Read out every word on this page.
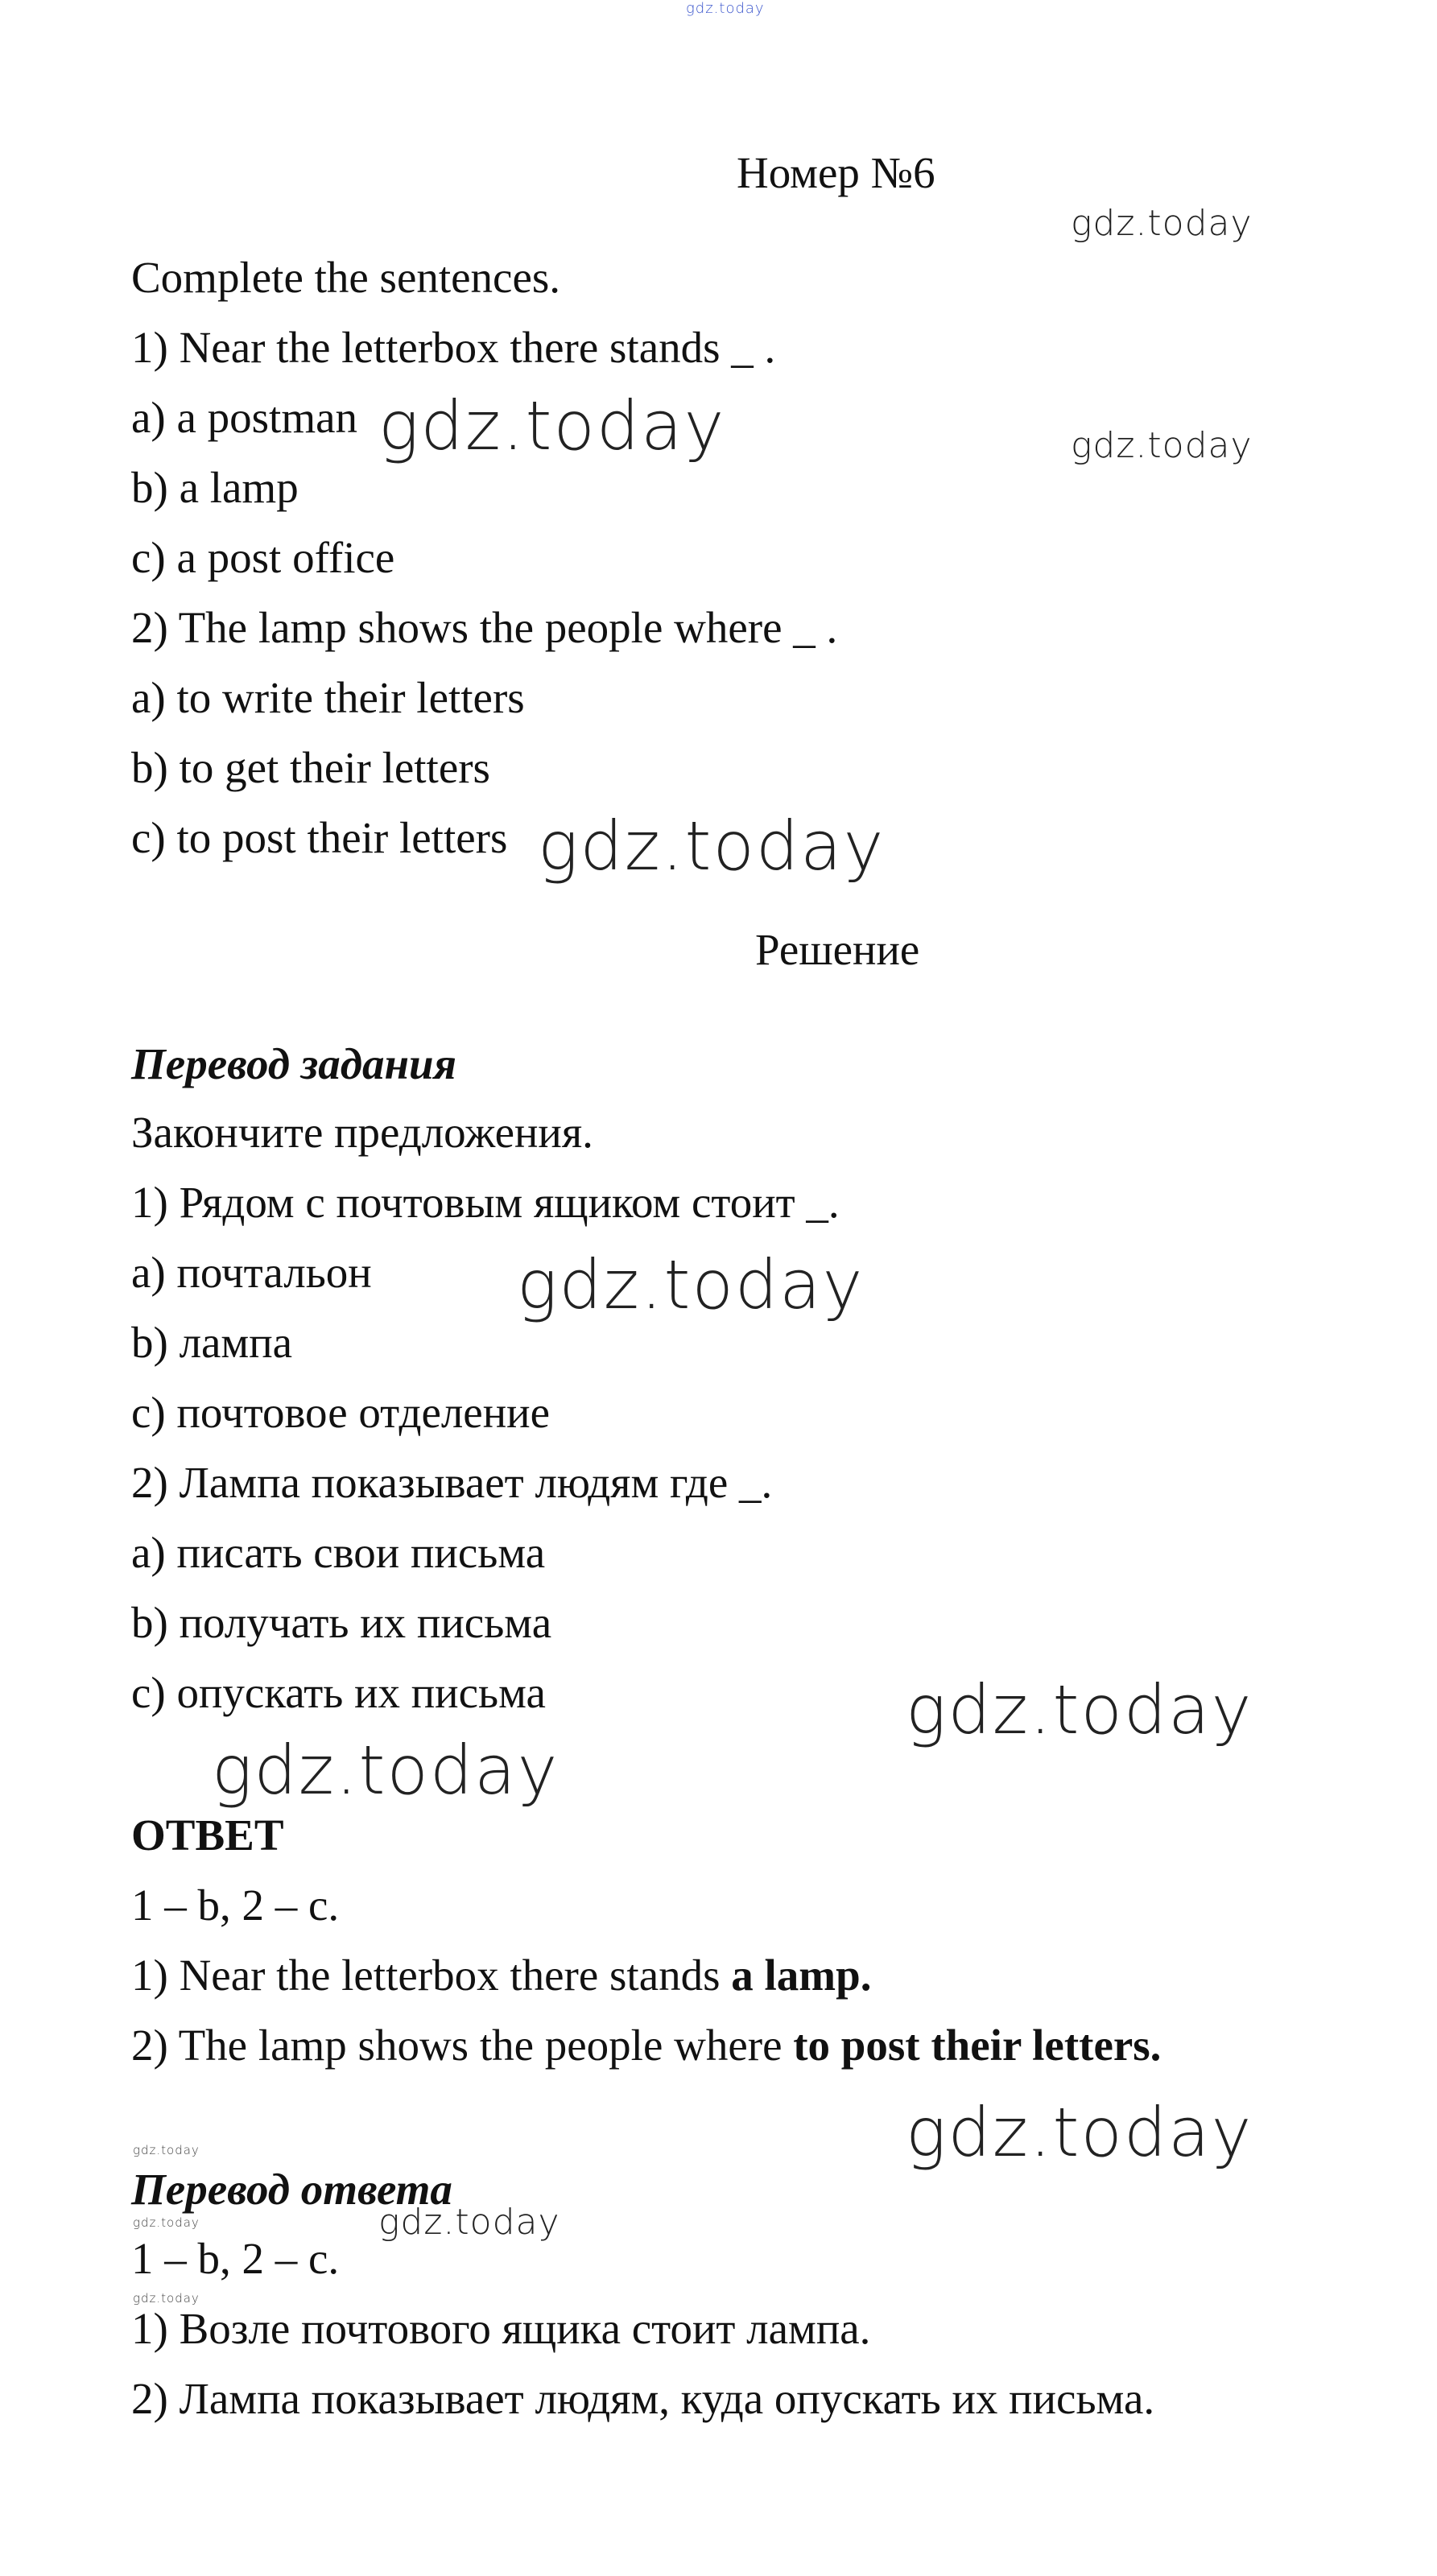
gdz.today
Номер №6
gdz.today
Complete the sentences.
1) Near the letterbox there stands _ .
a) a postman gdz.today	gdz.today
b) a lamp
c) a post office
2) The lamp shows the people where _ .
a) to write their letters
b) to get their letters
c) to post their letters gdz.today
Решение
Перевод задания
Закончите предложения.
1) Рядом с почтовым ящиком стоит _.
a) почтальон gdz.today
b) лампа
c) почтовое отделение
2) Лампа показывает людям где _.
a) писать свои письма
b) получать их письма
c) опускать их письма	gdz.today
gdz.today
ОТВЕТ
1 – b, 2 – c.
1) Near the letterbox there stands a lamp.
2) The lamp shows the people where to post their letters.
gdz.today
gdz.today
Перевод ответа
gdz.today
gdz.today
1 – b, 2 – c.
gdz.today
1) Возле почтового ящика стоит лампа.
2) Лампа показывает людям, куда опускать их письма.
